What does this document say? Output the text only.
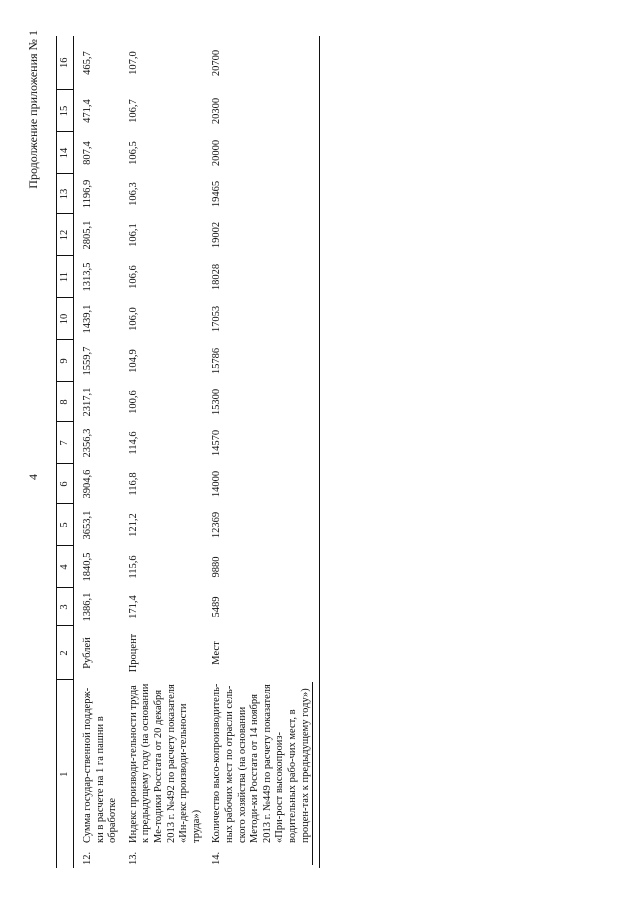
4
Продолжение приложения № 1
1	2	3	4	5	6	7	8	9	10	11	12	13	14	15	16

12.	Сумма государ-ственной поддерж-ки в расчете на 1 га пашни в обработке
	Рублей	1386,1	1840,5	3653,1	3904,6	2356,3	2317,1	1559,7	1439,1	1313,5	2805,1	1196,9	807,4	471,4	465,7

13.	Индекс производи-тельности труда к предыдущему году (на основании Ме-тодики Росстата от 20 декабря 2013 г. №492 по расчету показателя «Ин-декс производи-тельности труда»)
	Процент	171,4	115,6	121,2	116,8	114,6	100,6	104,9	106,0	106,6	106,1	106,3	106,5	106,7	107,0

14.	Количество высо-копроизводитель-ных рабочих мест по отрасли сель-ского хозяйства (на основании Методи-ки Росстата от 14 ноября 2013 г. №449 по расчету показателя «При-рост высокопроиз-водительных рабо-чих мест, в процен-тах к предыдущему году»)
	Мест	5489	9880	12369	14000	14570	15300	15786	17053	18028	19002	19465	20000	20300	20700
